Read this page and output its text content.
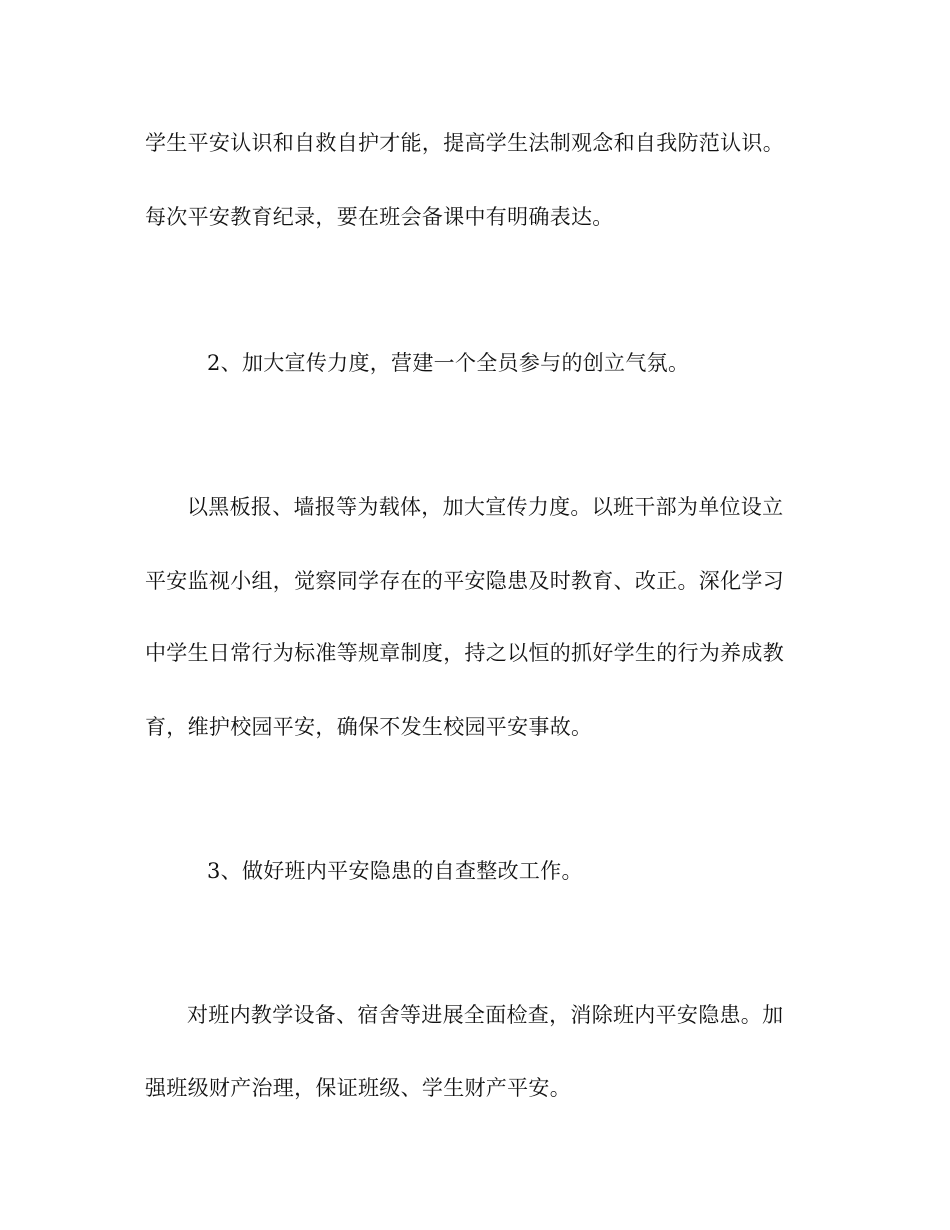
学生平安认识和自救自护才能，提高学生法制观念和自我防范认识。
每次平安教育纪录，要在班会备课中有明确表达。
2、加大宣传力度，营建一个全员参与的创立气氛。
以黑板报、墙报等为载体，加大宣传力度。以班干部为单位设立
平安监视小组，觉察同学存在的平安隐患及时教育、改正。深化学习
中学生日常行为标准等规章制度，持之以恒的抓好学生的行为养成教
育，维护校园平安，确保不发生校园平安事故。
3、做好班内平安隐患的自查整改工作。
对班内教学设备、宿舍等进展全面检查，消除班内平安隐患。加
强班级财产治理，保证班级、学生财产平安。
